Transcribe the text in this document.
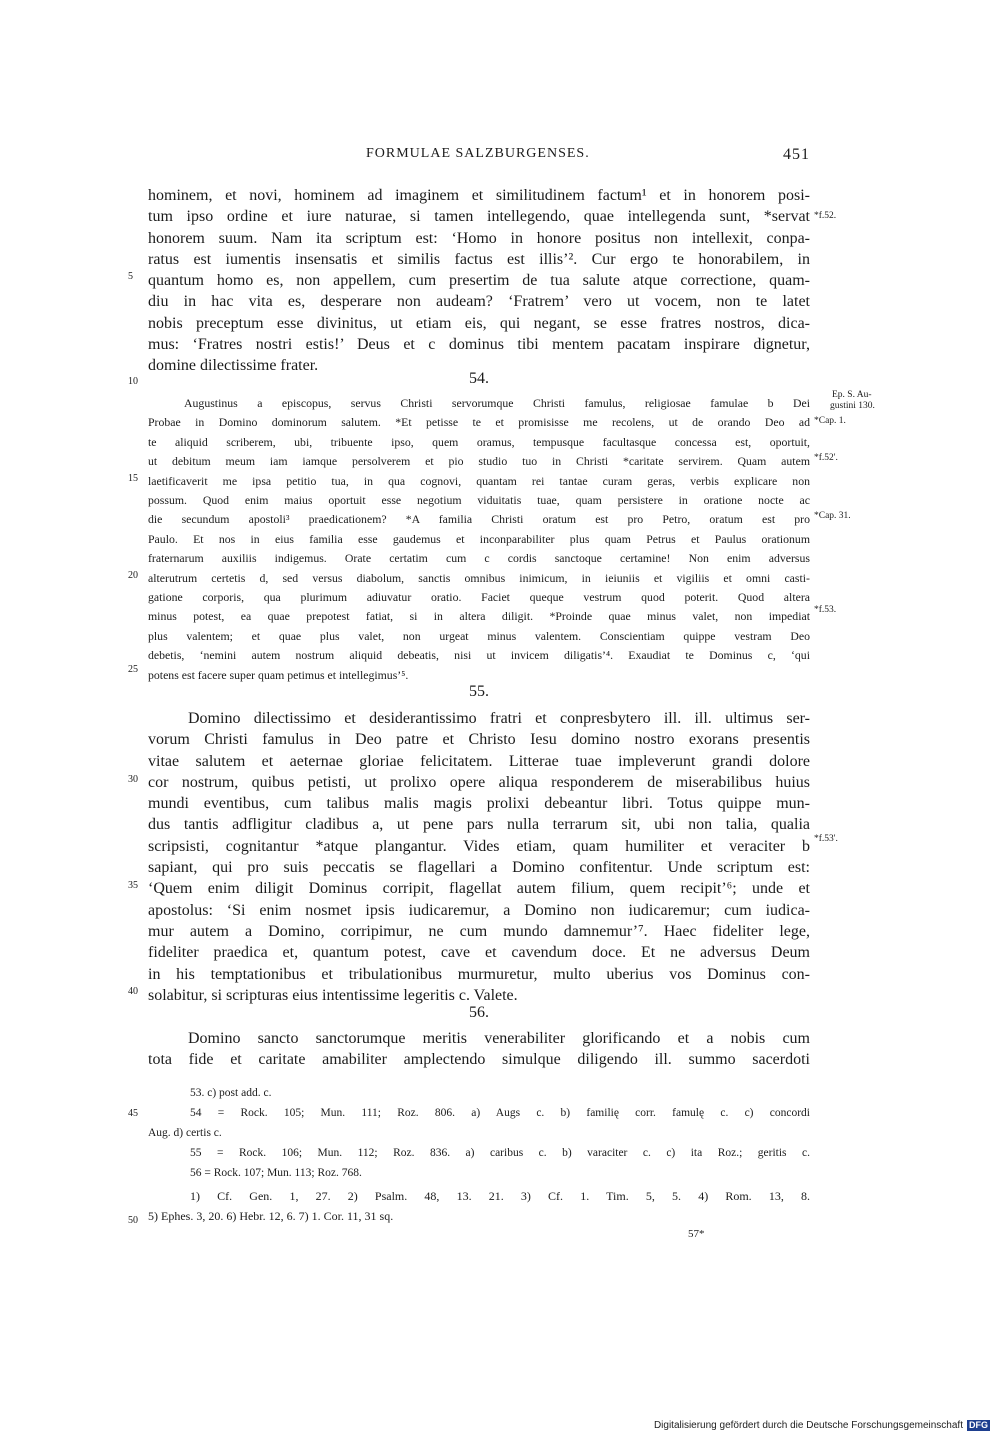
FORMULAE SALZBURGENSES.	451
hominem, et novi, hominem ad imaginem et similitudinem factum¹ et in honorem posi-
tum ipso ordine et iure naturae, si tamen intellegendo, quae intellegenda sunt, *servat
honorem suum. Nam ita scriptum est: ‘Homo in honore positus non intellexit, conpa-
ratus est iumentis insensatis et similis factus est illis’². Cur ergo te honorabilem, in
quantum homo es, non appellem, cum presertim de tua salute atque correctione, quam-
diu in hac vita es, desperare non audeam? ‘Fratrem’ vero ut vocem, non te latet
nobis preceptum esse divinitus, ut etiam eis, qui negant, se esse fratres nostros, dica-
mus: ‘Fratres nostri estis!’ Deus et c dominus tibi mentem pacatam inspirare dignetur,
domine dilectissime frater.
54.
Augustinus a episcopus, servus Christi servorumque Christi famulus, religiosae famulae b Dei
Probae in Domino dominorum salutem. *Et petisse te et promisisse me recolens, ut de orando Deo ad
te aliquid scriberem, ubi, tribuente ipso, quem oramus, tempusque facultasque concessa est, oportuit,
ut debitum meum iam iamque persolverem et pio studio tuo in Christi *caritate servirem. Quam autem
laetificaverit me ipsa petitio tua, in qua cognovi, quantam rei tantae curam geras, verbis explicare non
possum. Quod enim maius oportuit esse negotium viduitatis tuae, quam persistere in oratione nocte ac
die secundum apostoli³ praedicationem? *A familia Christi oratum est pro Petro, oratum est pro
Paulo. Et nos in eius familia esse gaudemus et inconparabiliter plus quam Petrus et Paulus orationum
fraternarum auxiliis indigemus. Orate certatim cum c cordis sanctoque certamine! Non enim adversus
alterutrum certetis d, sed versus diabolum, sanctis omnibus inimicum, in ieiuniis et vigiliis et omni casti-
gatione corporis, qua plurimum adiuvatur oratio. Faciet queque vestrum quod poterit. Quod altera
minus potest, ea quae prepotest fatiat, si in altera diligit. *Proinde quae minus valet, non impediat
plus valentem; et quae plus valet, non urgeat minus valentem. Conscientiam quippe vestram Deo
debetis, ‘nemini autem nostrum aliquid debeatis, nisi ut invicem diligatis’⁴. Exaudiat te Dominus c, ‘qui
potens est facere super quam petimus et intellegimus’⁵.
55.
Domino dilectissimo et desiderantissimo fratri et conpresbytero ill. ill. ultimus ser-
vorum Christi famulus in Deo patre et Christo Iesu domino nostro exorans presentis
vitae salutem et aeternae gloriae felicitatem. Litterae tuae impleverunt grandi dolore
cor nostrum, quibus petisti, ut prolixo opere aliqua responderem de miserabilibus huius
mundi eventibus, cum talibus malis magis prolixi debeantur libri. Totus quippe mun-
dus tantis adfligitur cladibus a, ut pene pars nulla terrarum sit, ubi non talia, qualia
scripsisti, cognitantur *atque plangantur. Vides etiam, quam humiliter et veraciter b
sapiant, qui pro suis peccatis se flagellari a Domino confitentur. Unde scriptum est:
‘Quem enim diligit Dominus corripit, flagellat autem filium, quem recipit’⁶; unde et
apostolus: ‘Si enim nosmet ipsis iudicaremur, a Domino non iudicaremur; cum iudica-
mur autem a Domino, corripimur, ne cum mundo damnemur’⁷. Haec fideliter lege,
fideliter praedica et, quantum potest, cave et cavendum doce. Et ne adversus Deum
in his temptationibus et tribulationibus murmuretur, multo uberius vos Dominus con-
solabitur, si scripturas eius intentissime legeritis c. Valete.
56.
Domino sancto sanctorumque meritis venerabiliter glorificando et a nobis cum
tota fide et caritate amabiliter amplectendo simulque diligendo ill. summo sacerdoti
53. c) post add. c.
54 = Rock. 105; Mun. 111; Roz. 806. a) Augs c. b) familię corr. famulę c. c) concordi
Aug. d) certis c.
55 = Rock. 106; Mun. 112; Roz. 836. a) caribus c. b) varaciter c. c) ita Roz.; geritis c.
56 = Rock. 107; Mun. 113; Roz. 768.
1) Cf. Gen. 1, 27. 2) Psalm. 48, 13. 21. 3) Cf. 1. Tim. 5, 5. 4) Rom. 13, 8.
5) Ephes. 3, 20. 6) Hebr. 12, 6. 7) 1. Cor. 11, 31 sq.
57*
5
10
15
20
25
30
35
40
45
50
*f.52.
Ep. S. Au-
gustini 130.
*Cap. 1.
*f.52'.
*Cap. 31.
*f.53.
*f.53'.
Digitalisierung gefördert durch die Deutsche Forschungsgemeinschaft DFG
